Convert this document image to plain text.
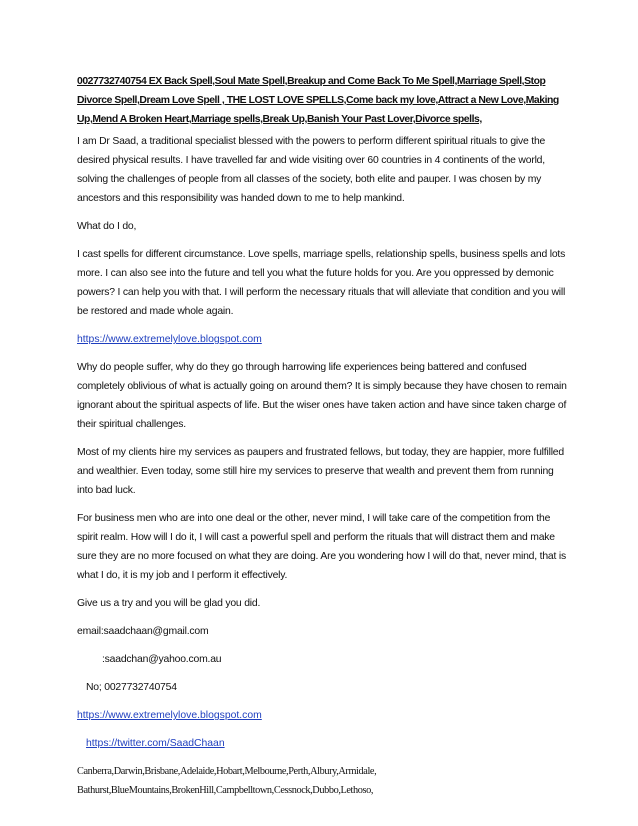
0027732740754 EX Back Spell,Soul Mate Spell,Breakup and Come Back To Me Spell,Marriage Spell,Stop Divorce Spell,Dream Love Spell , THE LOST LOVE SPELLS,Come back my love,Attract a New Love,Making Up,Mend A Broken Heart,Marriage spells,Break Up,Banish Your Past Lover,Divorce spells,

I am Dr Saad, a traditional specialist blessed with the powers to perform different spiritual rituals to give the desired physical results. I have travelled far and wide visiting over 60 countries in 4 continents of the world, solving the challenges of people from all classes of the society, both elite and pauper. I was chosen by my ancestors and this responsibility was handed down to me to help mankind.

What do I do,

I cast spells for different circumstance. Love spells, marriage spells, relationship spells, business spells and lots more. I can also see into the future and tell you what the future holds for you. Are you oppressed by demonic powers? I can help you with that. I will perform the necessary rituals that will alleviate that condition and you will be restored and made whole again.

https://www.extremelylove.blogspot.com

Why do people suffer, why do they go through harrowing life experiences being battered and confused completely oblivious of what is actually going on around them? It is simply because they have chosen to remain ignorant about the spiritual aspects of life. But the wiser ones have taken action and have since taken charge of their spiritual challenges.

Most of my clients hire my services as paupers and frustrated fellows, but today, they are happier, more fulfilled and wealthier. Even today, some still hire my services to preserve that wealth and prevent them from running into bad luck.

For business men who are into one deal or the other, never mind, I will take care of the competition from the spirit realm. How will I do it, I will cast a powerful spell and perform the rituals that will distract them and make sure they are no more focused on what they are doing. Are you wondering how I will do that, never mind, that is what I do, it is my job and I perform it effectively.

Give us a try and you will be glad you did.

email:saadchaan@gmail.com

:saadchan@yahoo.com.au

No; 0027732740754

https://www.extremelylove.blogspot.com
https://twitter.com/SaadChaan

Canberra,Darwin,Brisbane,Adelaide,Hobart,Melbourne,Perth,Albury,Armidale,

Bathurst,BlueMountains,BrokenHill,Campbelltown,Cessnock,Dubbo,Lethoso,
